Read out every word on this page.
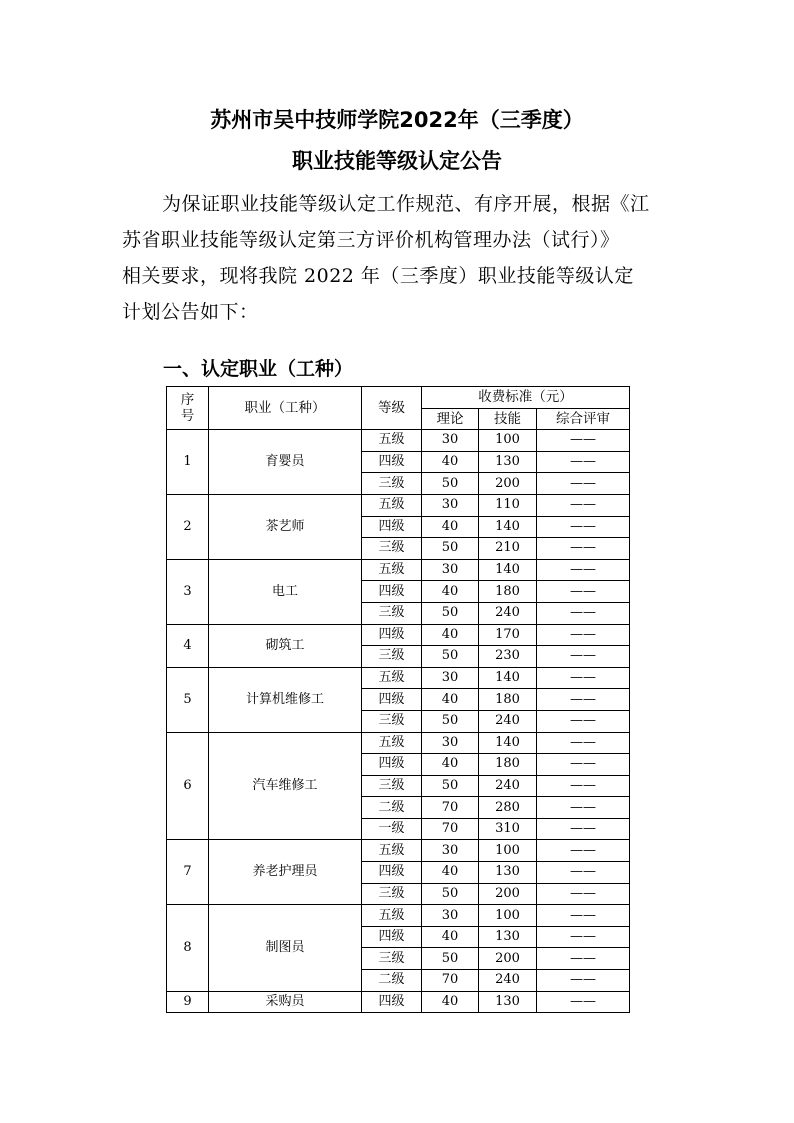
苏州市吴中技师学院2022年（三季度）
职业技能等级认定公告

为保证职业技能等级认定工作规范、有序开展，根据《江

苏省职业技能等级认定第三方评价机构管理办法（试行）》

相关要求，现将我院 2022 年（三季度）职业技能等级认定

计划公告如下：

一、认定职业（工种）
序号	职业（工种）	等级	收费标准（元）		
			理论	技能	综合评审
1	育婴员	五级	30	100	——
		四级	40	130	——
		三级	50	200	——
2	茶艺师	五级	30	110	——
		四级	40	140	——
		三级	50	210	——
3	电工	五级	30	140	——
		四级	40	180	——
		三级	50	240	——
4	砌筑工	四级	40	170	——
		三级	50	230	——
5	计算机维修工	五级	30	140	——
		四级	40	180	——
		三级	50	240	——
6	汽车维修工	五级	30	140	——
		四级	40	180	——
		三级	50	240	——
		二级	70	280	——
		一级	70	310	——
7	养老护理员	五级	30	100	——
		四级	40	130	——
		三级	50	200	——
8	制图员	五级	30	100	——
		四级	40	130	——
		三级	50	200	——
		二级	70	240	——
9	采购员	四级	40	130	——
